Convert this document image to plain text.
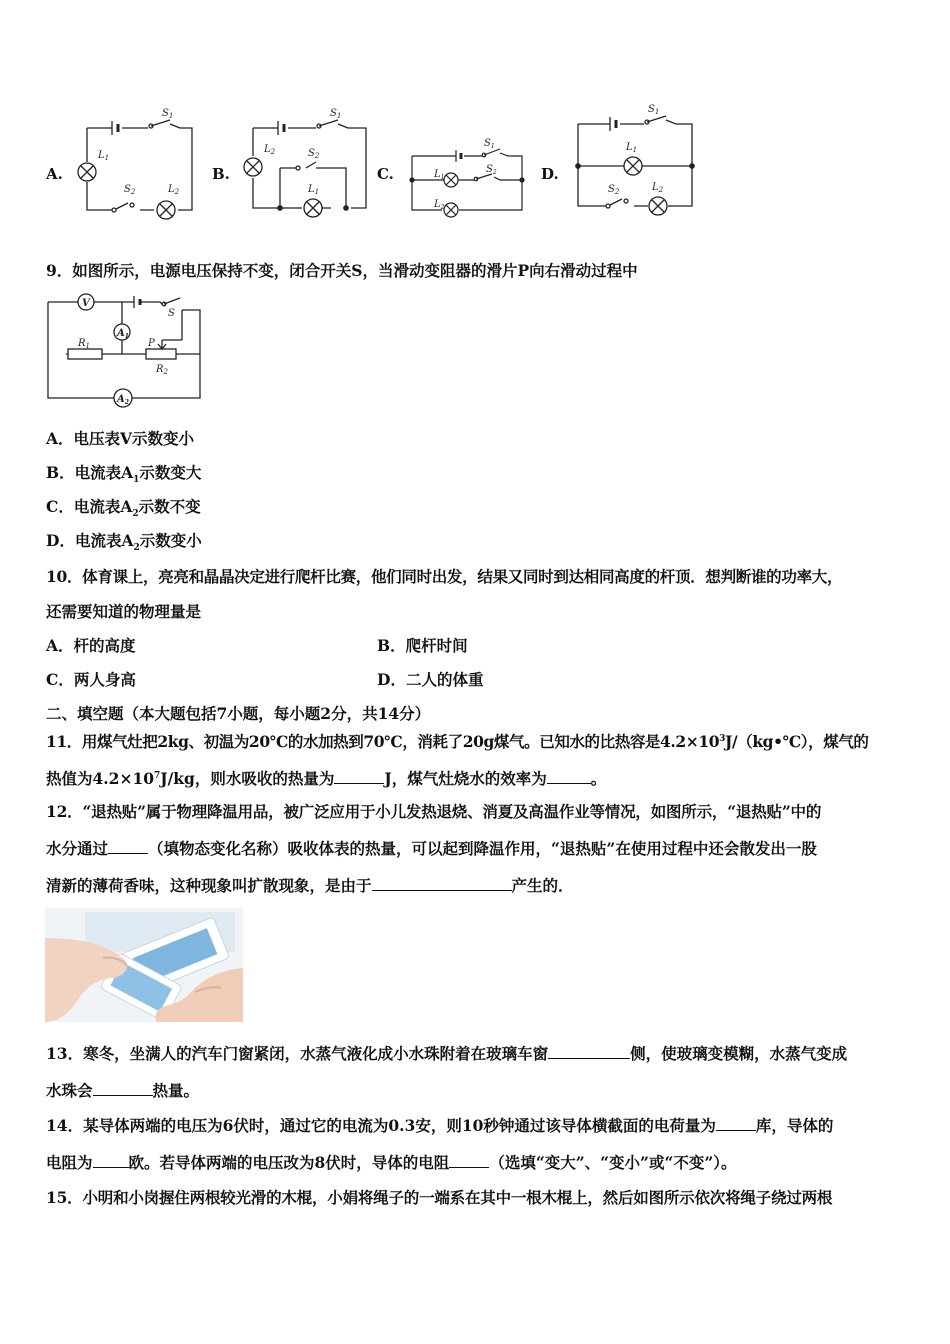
A.	B.	C.	D.
$S_1$
$L_1$
$S_2$	$L_2$
$S_1$
$L_2$	$S_2$
$L_1$
$S_1$
$S_2$
$L_1$
$L_2$
$S_1$
$L_1$
$S_2$	$L_2$
9．如图所示，电源电压保持不变，闭合开关S，当滑动变阻器的滑片P向右滑动过程中
V
$A_1$
$A_2$
S
P
$R_1$
$R_2$
A．电压表V示数变小
B．电流表$A_1$示数变大
C．电流表$A_2$示数不变
D．电流表$A_2$示数变小
10．体育课上，亮亮和晶晶决定进行爬杆比赛，他们同时出发，结果又同时到达相同高度的杆顶．想判断谁的功率大，
还需要知道的物理量是
A．杆的高度	B．爬杆时间
C．两人身高	D．二人的体重
二、填空题（本大题包括7小题，每小题2分，共14分）
11．用煤气灶把2kg、初温为20℃的水加热到70℃，消耗了20g煤气。已知水的比热容是$4.2\times 10^3J/(kg•℃)$，煤气的
热值为$4.2\times 10^7J/kg$，则水吸收的热量为	J，煤气灶烧水的效率为	。
12．“退热贴”属于物理降温用品，被广泛应用于小儿发热退烧、消夏及高温作业等情况，如图所示，“退热贴”中的
水分通过	（填物态变化名称）吸收体表的热量，可以起到降温作用，“退热贴”在使用过程中还会散发出一股
清新的薄荷香味，这种现象叫扩散现象，是由于	产生的．
13．寒冬，坐满人的汽车门窗紧闭，水蒸气液化成小水珠附着在玻璃车窗	侧，使玻璃变模糊，水蒸气变成
水珠会	热量。
14．某导体两端的电压为6伏时，通过它的电流为0.3安，则10秒钟通过该导体横截面的电荷量为	库，导体的
电阻为 欧。若导体两端的电压改为8伏时，导体的电阻	（选填“变大”、“变小”或“不变”）。
15．小明和小岗握住两根较光滑的木棍，小娟将绳子的一端系在其中一根木棍上，然后如图所示依次将绳子绕过两根
